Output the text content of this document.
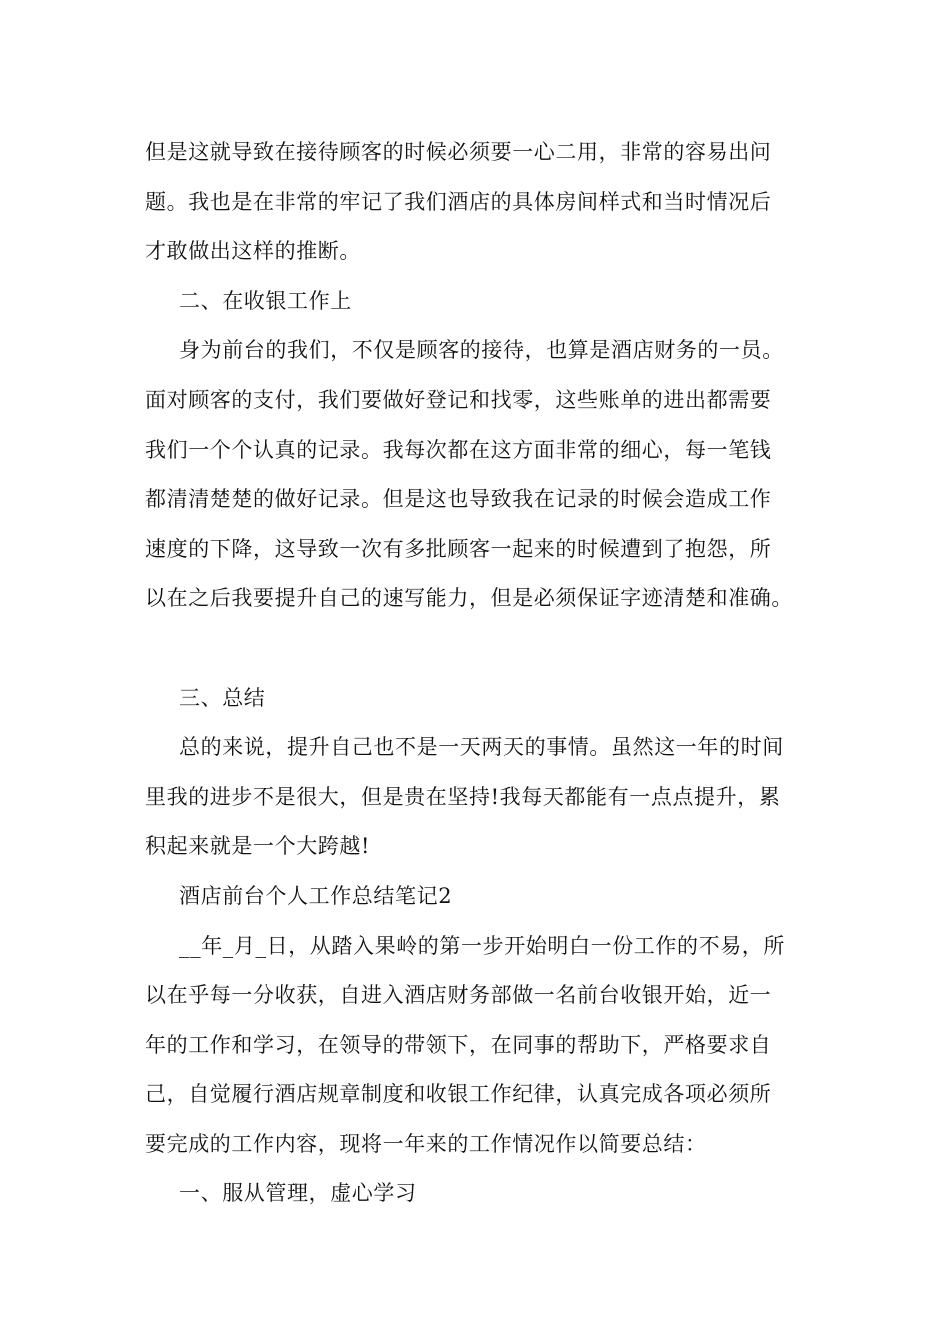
但是这就导致在接待顾客的时候必须要一心二用，非常的容易出问
题。我也是在非常的牢记了我们酒店的具体房间样式和当时情况后
才敢做出这样的推断。
二、在收银工作上
身为前台的我们，不仅是顾客的接待，也算是酒店财务的一员。
面对顾客的支付，我们要做好登记和找零，这些账单的进出都需要
我们一个个认真的记录。我每次都在这方面非常的细心，每一笔钱
都清清楚楚的做好记录。但是这也导致我在记录的时候会造成工作
速度的下降，这导致一次有多批顾客一起来的时候遭到了抱怨，所
以在之后我要提升自己的速写能力，但是必须保证字迹清楚和准确。
三、总结
总的来说，提升自己也不是一天两天的事情。虽然这一年的时间
里我的进步不是很大，但是贵在坚持!我每天都能有一点点提升，累
积起来就是一个大跨越!
酒店前台个人工作总结笔记2
__年_月_日，从踏入果岭的第一步开始明白一份工作的不易，所
以在乎每一分收获，自进入酒店财务部做一名前台收银开始，近一
年的工作和学习，在领导的带领下，在同事的帮助下，严格要求自
己，自觉履行酒店规章制度和收银工作纪律，认真完成各项必须所
要完成的工作内容，现将一年来的工作情况作以简要总结：
一、服从管理，虚心学习
